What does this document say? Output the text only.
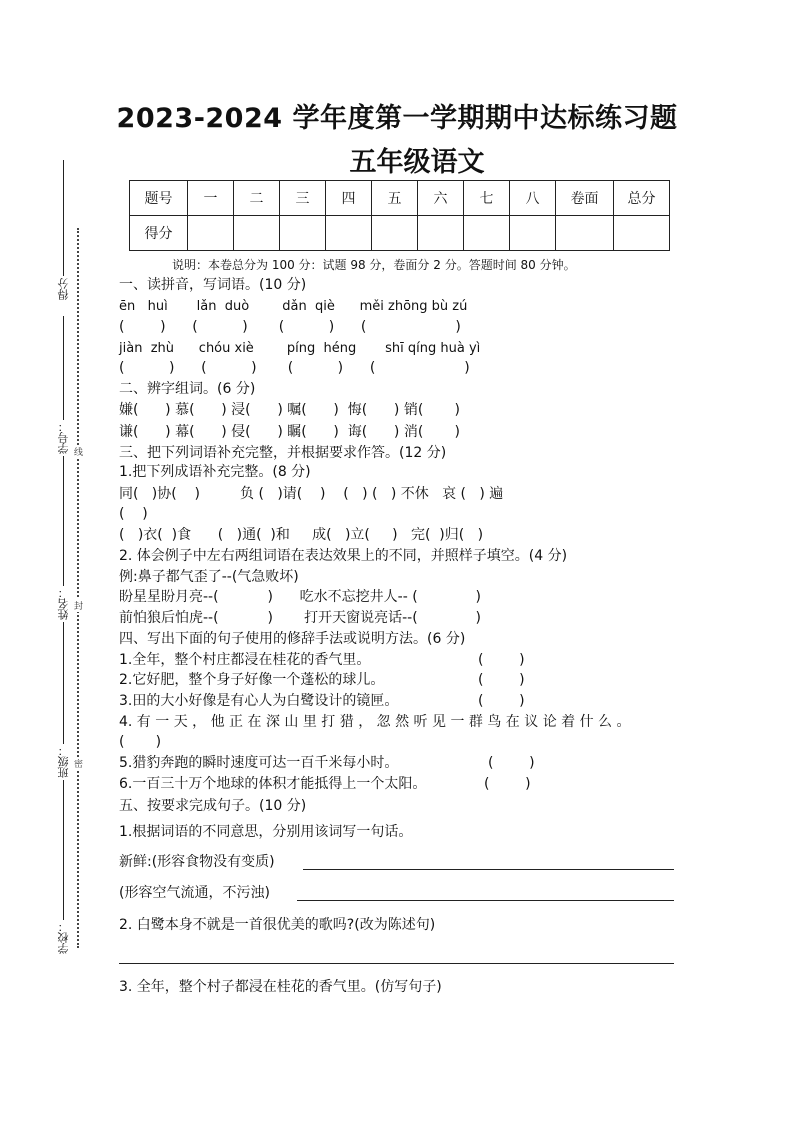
2023-2024 学年度第一学期期中达标练习题
五年级语文
题号	一	二	三	四	五	六	七	八	卷面	总分
得分										
说明：本卷总分为 100 分：试题 98 分，卷面分 2 分。答题时间 80 分钟。
得分
学号：
姓名：
班级：
学校：
线
封
密
一、读拼音，写词语。(10 分)
ēn   huì       lǎn  duò        dǎn  qiè      měi zhōng bù zú
(        )      (          )       (          )      (                    )
jiàn  zhù      chóu xiè        píng  héng       shī qíng huà yì
(          )      (          )       (          )      (                    )
二、辨字组词。(6 分)
嫌(      ) 慕(      ) 浸(      ) 嘱(      )  悔(      ) 销(       )
谦(      ) 幕(      ) 侵(      ) 瞩(      )  诲(      ) 消(       )
三、把下列词语补充完整，并根据要求作答。(12 分)
1.把下列成语补充完整。(8 分)
同(   )协(    )         负 (   )请(    )    (   ) (   ) 不休   哀 (   ) 遍
(    )
(   )衣(  )食      (   )通(  )和     成(   )立(     )   完(  )归(   )
2. 体会例子中左右两组词语在表达效果上的不同，并照样子填空。(4 分)
例:鼻子都气歪了--(气急败坏)
盼星星盼月亮--(           )      吃水不忘挖井人-- (             )
前怕狼后怕虎--(           )       打开天窗说亮话--(             )
四、写出下面的句子使用的修辞手法或说明方法。(6 分)
1.全年，整个村庄都浸在桂花的香气里。	(        )
2.它好肥，整个身子好像一个蓬松的球儿。	(        )
3.田的大小好像是有心人为白鹭设计的镜匣。	(        )
4. 有 一 天 ， 他 正 在 深 山 里 打 猎 ， 忽 然 听 见 一 群 鸟 在 议 论 着 什 么 。
(       )
5.猎豹奔跑的瞬时速度可达一百千米每小时。	(        )
6.一百三十万个地球的体积才能抵得上一个太阳。	(        )
五、按要求完成句子。(10 分)
1.根据词语的不同意思，分别用该词写一句话。
新鲜:(形容食物没有变质)
(形容空气流通，不污浊)
2. 白鹭本身不就是一首很优美的歌吗?(改为陈述句)
3. 全年，整个村子都浸在桂花的香气里。(仿写句子)
